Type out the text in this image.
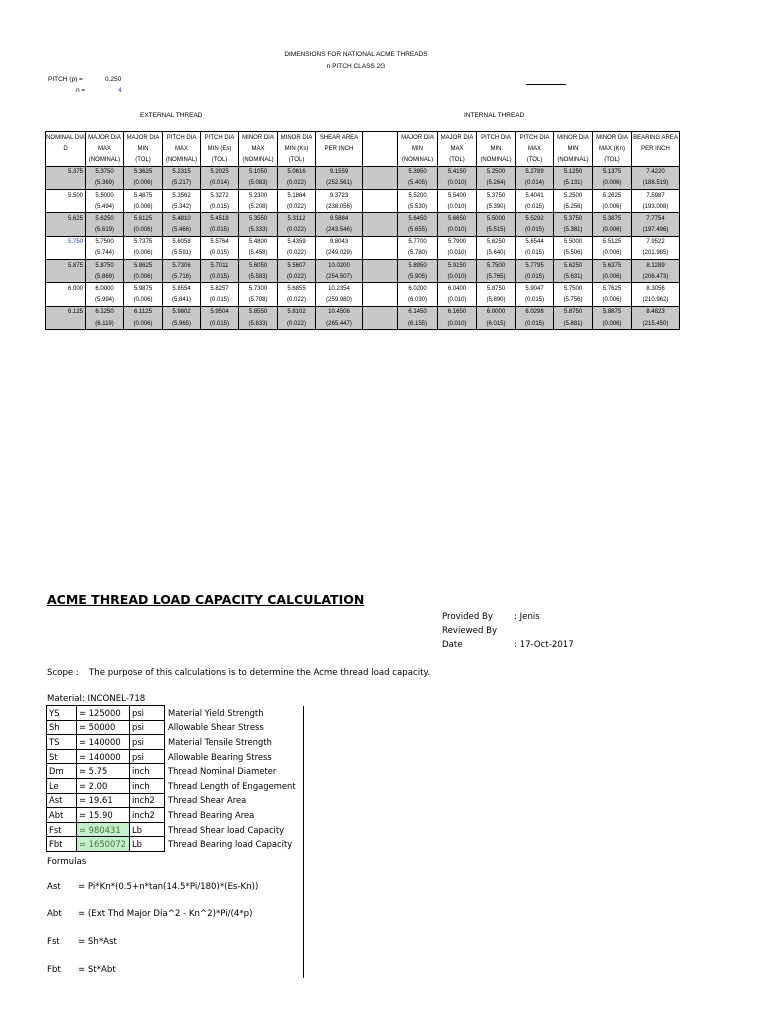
DIMENSIONS FOR NATIONAL ACME THREADS
n PITCH CLASS 2G
PITCH (p) =	0.250
n =	4
EXTERNAL THREAD	INTERNAL THREAD
NOMINAL DIA	MAJOR DIA	MAJOR DIA	PITCH DIA	PITCH DIA	MINOR DIA	MINOR DIA	SHEAR AREA		MAJOR DIA	MAJOR DIA	PITCH DIA	PITCH DIA	MINOR DIA	MINOR DIA	BEARING AREA
D	MAX	MIN	MAX	MIN (Es)	MAX	MIN (Ks)	PER INCH		MIN	MAX	MIN	MAX	MIN	MAX (Kn)	PER INCH
	(NOMINAL)	(TOL)	(NOMINAL)	(TOL)	(NOMINAL)	(TOL)			(NOMINAL)	(TOL)	(NOMINAL)	(TOL)	(NOMINAL)	(TOL)	
5.375	5.3750	5.3625	5.2315	5.2025	5.1050	5.0616	9.1559		5.3950	5.4150	5.2500	5.2789	5.1250	5.1375	7.4220
	(5.369)	(0.006)	(5.217)	(0.014)	(5.083)	(0.022)	(252.561)		(5.405)	(0.010)	(5.264)	(0.014)	(5.131)	(0.006)	(188.519)
5.500	5.5000	5.4875	5.3562	5.3272	5.2300	5.1864	9.3723		5.5200	5.5400	5.3750	5.4041	5.2500	5.2625	7.5987
	(5.494)	(0.006)	(5.342)	(0.015)	(5.208)	(0.022)	(238.056)		(5.530)	(0.010)	(5.390)	(0.015)	(5.256)	(0.006)	(193.008)
5.625	5.6250	5.6125	5.4810	5.4518	5.3550	5.3112	9.5884		5.6450	5.6650	5.5000	5.5292	5.3750	5.3875	7.7754
	(5.619)	(0.006)	(5.466)	(0.015)	(5.333)	(0.022)	(243.546)		(5.655)	(0.010)	(5.515)	(0.015)	(5.381)	(0.006)	(197.496)
5.750	5.7500	5.7375	5.6058	5.5764	5.4800	5.4359	9.8043		5.7700	5.7900	5.6250	5.6544	5.5000	5.5125	7.9522
	(5.744)	(0.006)	(5.591)	(0.015)	(5.458)	(0.022)	(249.029)		(5.780)	(0.010)	(5.640)	(0.015)	(5.506)	(0.006)	(201.985)
5.875	5.8750	5.8625	5.7306	5.7011	5.6050	5.5607	10.0200		5.8950	5.9150	5.7500	5.7795	5.6250	5.6375	8.1289
	(5.869)	(0.006)	(5.716)	(0.015)	(5.583)	(0.022)	(254.507)		(5.905)	(0.010)	(5.765)	(0.015)	(5.631)	(0.006)	(206.473)
6.000	6.0000	5.9875	5.8554	5.8257	5.7300	5.6855	10.2354		6.0200	6.0400	5.8750	5.9047	5.7500	5.7625	8.3056
	(5.994)	(0.006)	(5.841)	(0.015)	(5.708)	(0.022)	(259.980)		(6.030)	(0.010)	(5.890)	(0.015)	(5.756)	(0.006)	(210.962)
6.125	6.1250	6.1125	5.9802	5.9504	5.8550	5.8102	10.4506		6.1450	6.1650	6.0000	6.0298	5.8750	5.8875	8.4823
	(6.119)	(0.006)	(5.965)	(0.015)	(5.833)	(0.022)	(265.447)		(6.155)	(0.010)	(6.015)	(0.015)	(5.881)	(0.006)	(215.450)
ACME THREAD LOAD CAPACITY CALCULATION
Provided By : Jenis
Reviewed By
Date	: 17-Oct-2017
Scope : The purpose of this calculations is to determine the Acme thread load capacity.
Material: INCONEL-718
YS	= 125000	psi	Material Yield Strength
Sh	= 50000	psi	Allowable Shear Stress
TS	= 140000	psi	Material Tensile Strength
St	= 140000	psi	Allowable Bearing Stress
Dm	= 5.75	inch	Thread Nominal Diameter
Le	= 2.00	inch	Thread Length of Engagement
Ast	= 19.61	inch2	Thread Shear Area
Abt	= 15.90	inch2	Thread Bearing Area
Fst	= 980431	Lb	Thread Shear load Capacity
Fbt	= 1650072	Lb	Thread Bearing load Capacity
Formulas
Ast = Pi*Kn*(0.5+n*tan(14.5*Pi/180)*(Es-Kn))
Abt = (Ext Thd Major Dia^2 - Kn^2)*Pi/(4*p)
Fst = Sh*Ast
Fbt = St*Abt
